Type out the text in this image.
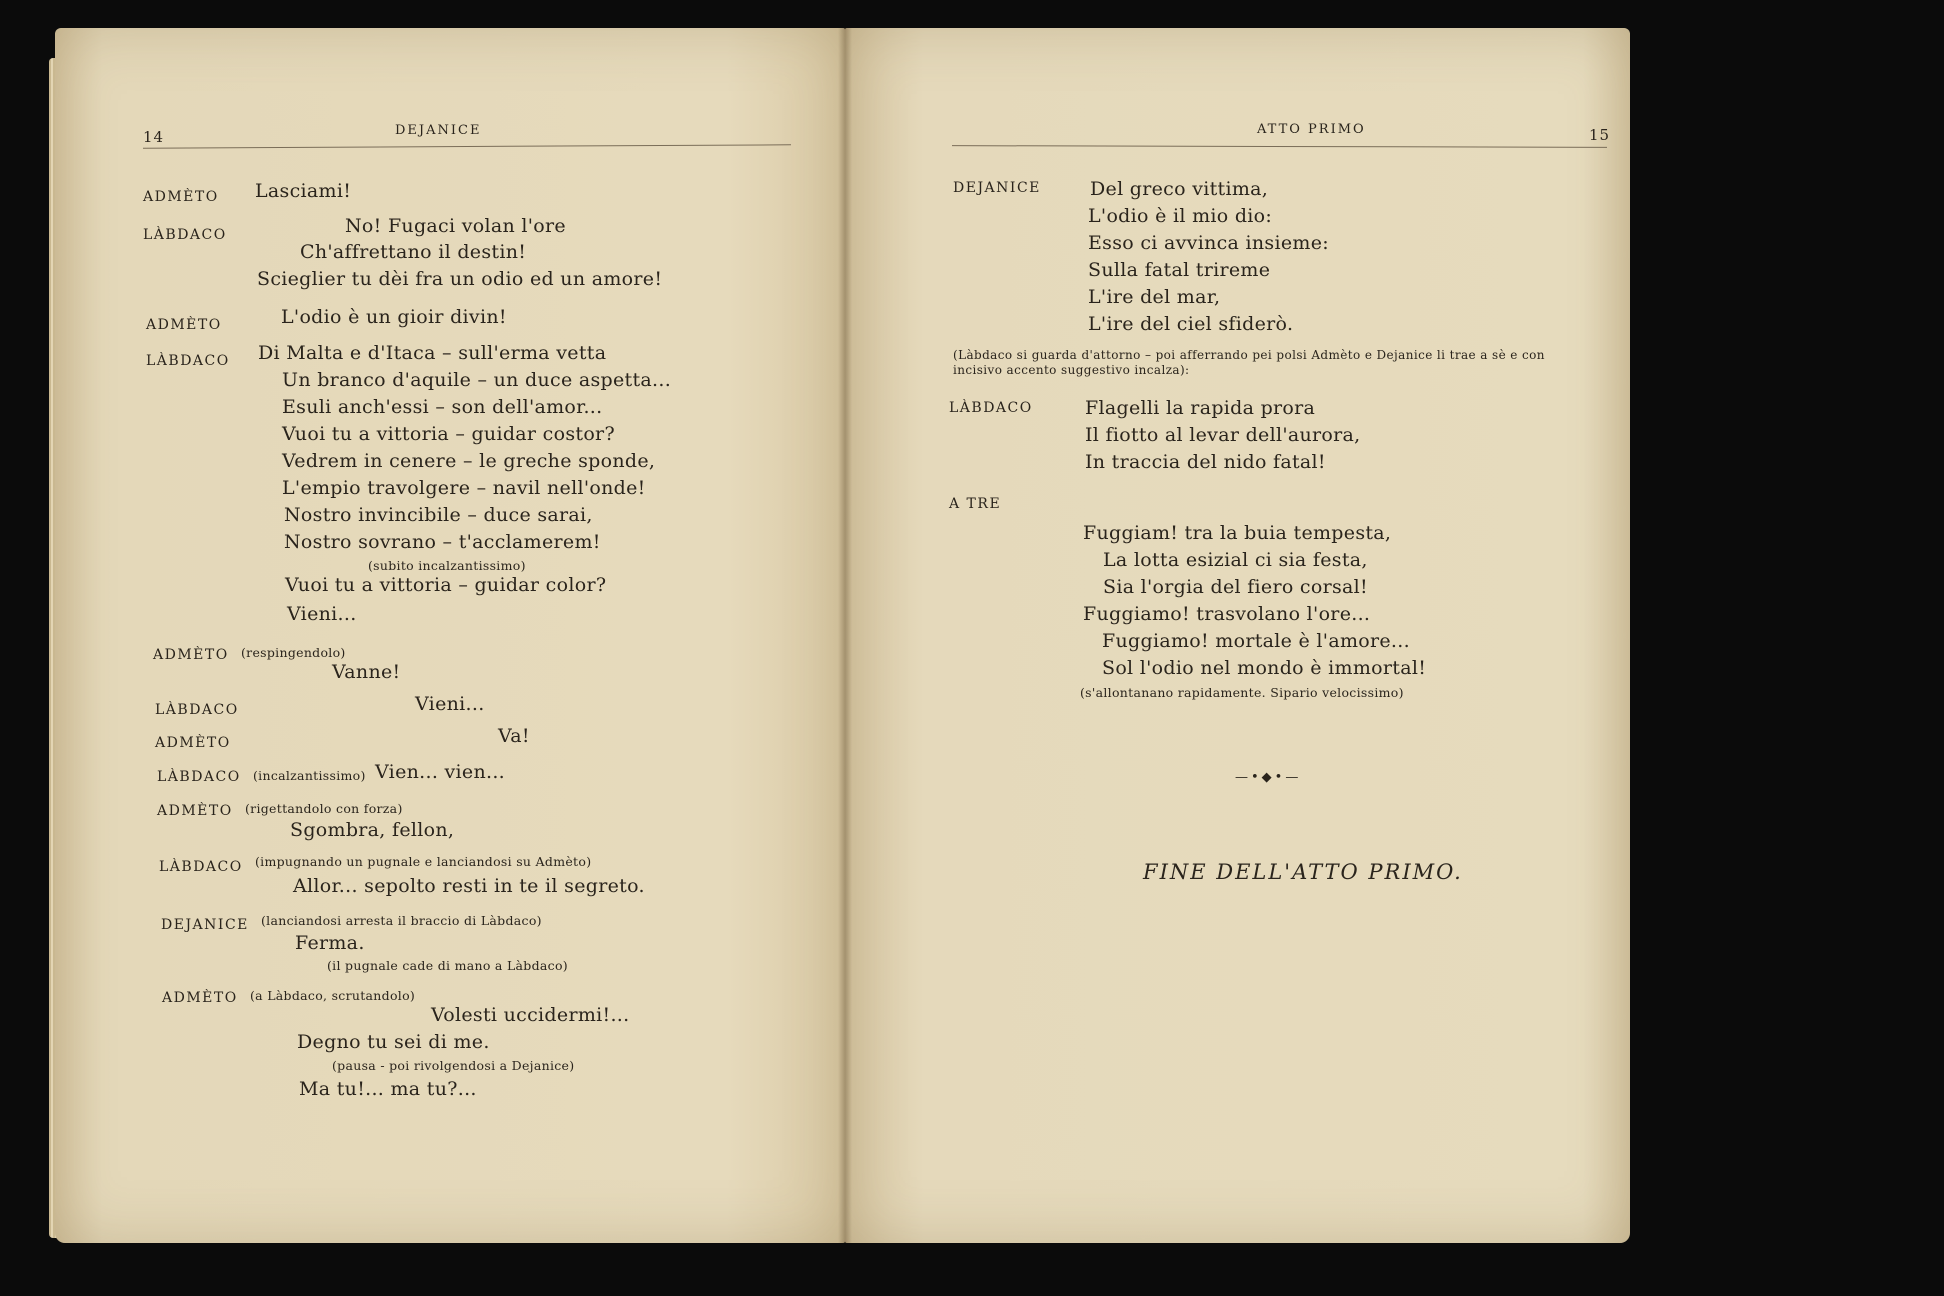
14	DEJANICE
ADMÈTO Lasciami!
LÀBDACO	No! Fugaci volan l'ore
Ch'affrettano il destin!
Scieglier tu dèi fra un odio ed un amore!
ADMÈTO	L'odio è un gioir divin!
LÀBDACO Di Malta e d'Itaca – sull'erma vetta
Un branco d'aquile – un duce aspetta...
Esuli anch'essi – son dell'amor...
Vuoi tu a vittoria – guidar costor?
Vedrem in cenere – le greche sponde,
L'empio travolgere – navil nell'onde!
Nostro invincibile – duce sarai,
Nostro sovrano – t'acclamerem!
(subito incalzantissimo)
Vuoi tu a vittoria – guidar color?
Vieni...
ADMÈTO (respingendolo)
Vanne!
LÀBDACO	Vieni...
ADMÈTO	Va!
LÀBDACO (incalzantissimo) Vien... vien...
ADMÈTO (rigettandolo con forza)
Sgombra, fellon,
LÀBDACO (impugnando un pugnale e lanciandosi su Admèto)
Allor... sepolto resti in te il segreto.
DEJANICE (lanciandosi arresta il braccio di Làbdaco)
Ferma.
(il pugnale cade di mano a Làbdaco)
ADMÈTO (a Làbdaco, scrutandolo)
Volesti uccidermi!...
Degno tu sei di me.
(pausa - poi rivolgendosi a Dejanice)
Ma tu!... ma tu?...
ATTO PRIMO	15
DEJANICE	Del greco vittima,
L'odio è il mio dio:
Esso ci avvinca insieme:
Sulla fatal trireme
L'ire del mar,
L'ire del ciel sfiderò.
(Làbdaco si guarda d'attorno – poi afferrando pei polsi Admèto e Dejanice li trae a sè e con incisivo accento suggestivo incalza):
LÀBDACO	Flagelli la rapida prora
Il fiotto al levar dell'aurora,
In traccia del nido fatal!
A TRE
Fuggiam! tra la buia tempesta,
La lotta esizial ci sia festa,
Sia l'orgia del fiero corsal!
Fuggiamo! trasvolano l'ore...
Fuggiamo! mortale è l'amore...
Sol l'odio nel mondo è immortal!
(s'allontanano rapidamente. Sipario velocissimo)
—•◆•—
FINE DELL'ATTO PRIMO.
